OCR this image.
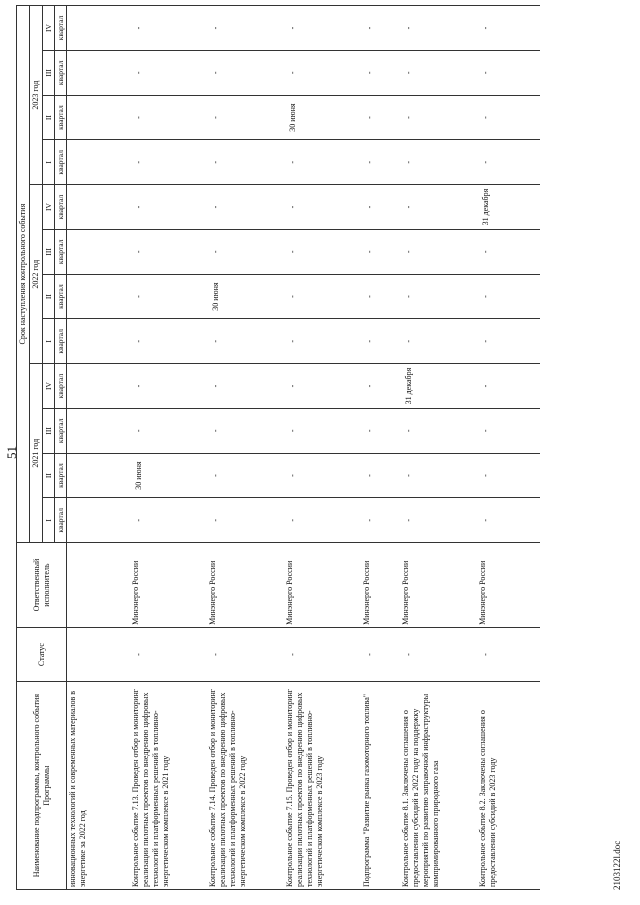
51
Наименование подпрограммы, контрольного события Программы	Статус	Ответственный исполнитель	Срок наступления контрольного события											
			2021 год				2022 год				2023 год			
			I	II	III	IV	I	II	III	IV	I	II	III	IV
			квартал	квартал	квартал	квартал	квартал	квартал	квартал	квартал	квартал	квартал	квартал	квартал
инновационных технологий и современных материалов в энергетике за 2022 год														
Контрольное событие 7.13. Проведен отбор и мониторинг реализации пилотных проектов по внедрению цифровых технологий и платформенных решений в топливно-энергетическом комплексе в 2021 году	-	Минэнерго России	-	30 июня	-	-	-	-	-	-	-	-	-	-
Контрольное событие 7.14. Проведен отбор и мониторинг реализации пилотных проектов по внедрению цифровых технологий и платформенных решений в топливно-энергетическом комплексе в 2022 году	-	Минэнерго России	-	-	-	-	-	30 июня	-	-	-	-	-	-
Контрольное событие 7.15. Проведен отбор и мониторинг реализации пилотных проектов по внедрению цифровых технологий и платформенных решений в топливно-энергетическом комплексе в 2023 году	-	Минэнерго России	-	-	-	-	-	-	-	-	-	30 июня	-	-
Подпрограмма "Развитие рынка газомоторного топлива"	-	Минэнерго России	-	-	-	-	-	-	-	-	-	-	-	-
Контрольное событие 8.1. Заключены соглашения о предоставлении субсидий в 2022 году на поддержку мероприятий по развитию заправочной инфраструктуры компримированного природного газа	-	Минэнерго России	-	-	-	31 декабря	-	-	-	-	-	-	-	-
Контрольное событие 8.2. Заключены соглашения о предоставлении субсидий в 2023 году	-	Минэнерго России	-	-	-	-	-	-	-	31 декабря	-	-	-	-
2103122l.doc
